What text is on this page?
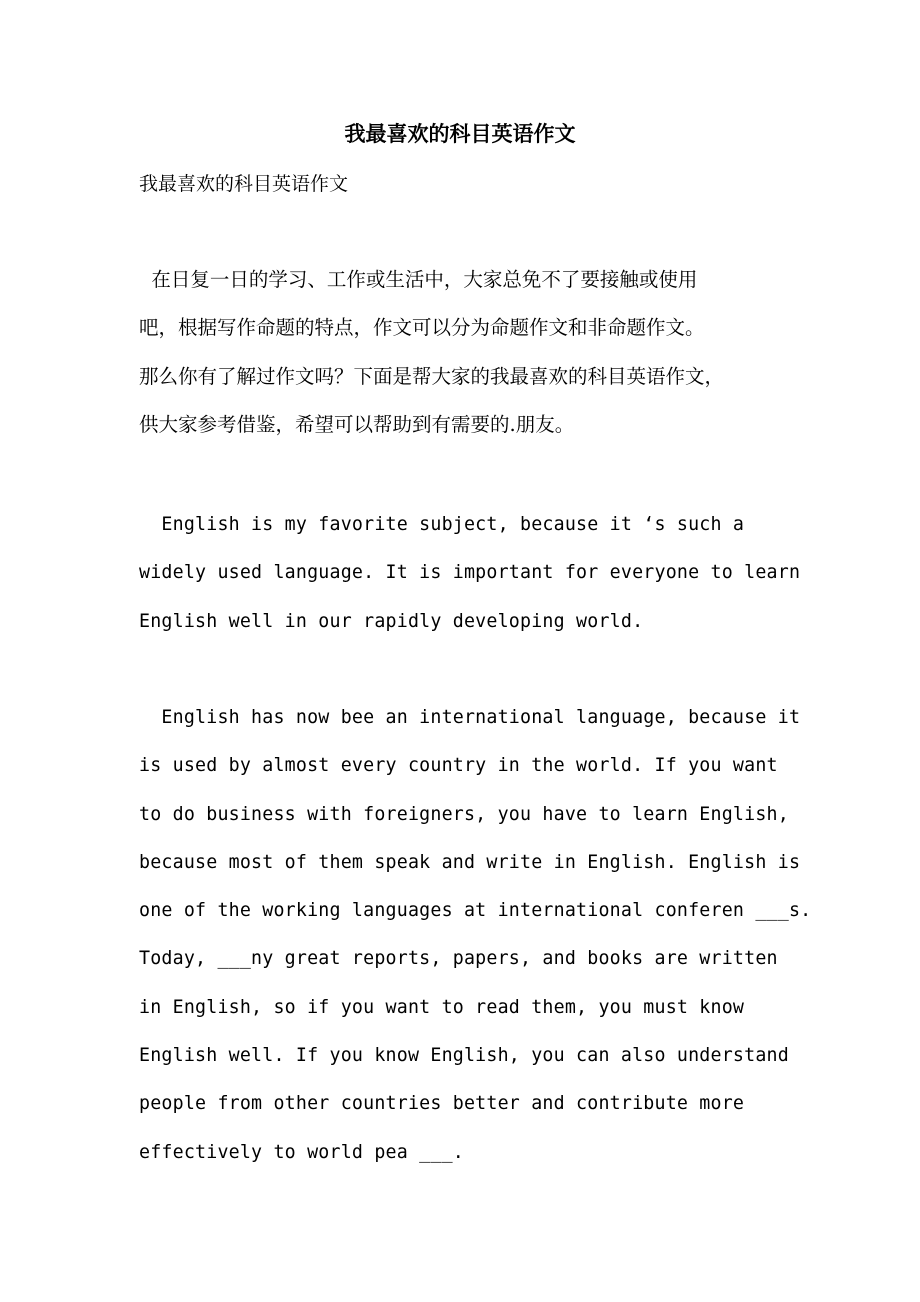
我最喜欢的科目英语作文

我最喜欢的科目英语作文

在日复一日的学习、工作或生活中，大家总免不了要接触或使用
吧，根据写作命题的特点，作文可以分为命题作文和非命题作文。
那么你有了解过作文吗？下面是帮大家的我最喜欢的科目英语作文，
供大家参考借鉴，希望可以帮助到有需要的.朋友。
English is my favorite subject, because it ‘s such a
widely used language. It is important for everyone to learn
English well in our rapidly developing world.
English has now bee an international language, because it
is used by almost every country in the world. If you want
to do business with foreigners, you have to learn English,
because most of them speak and write in English. English is
one of the working languages at international conferen ___s.
Today, ___ny great reports, papers, and books are written
in English, so if you want to read them, you must know
English well. If you know English, you can also understand
people from other countries better and contribute more
effectively to world pea ___.
